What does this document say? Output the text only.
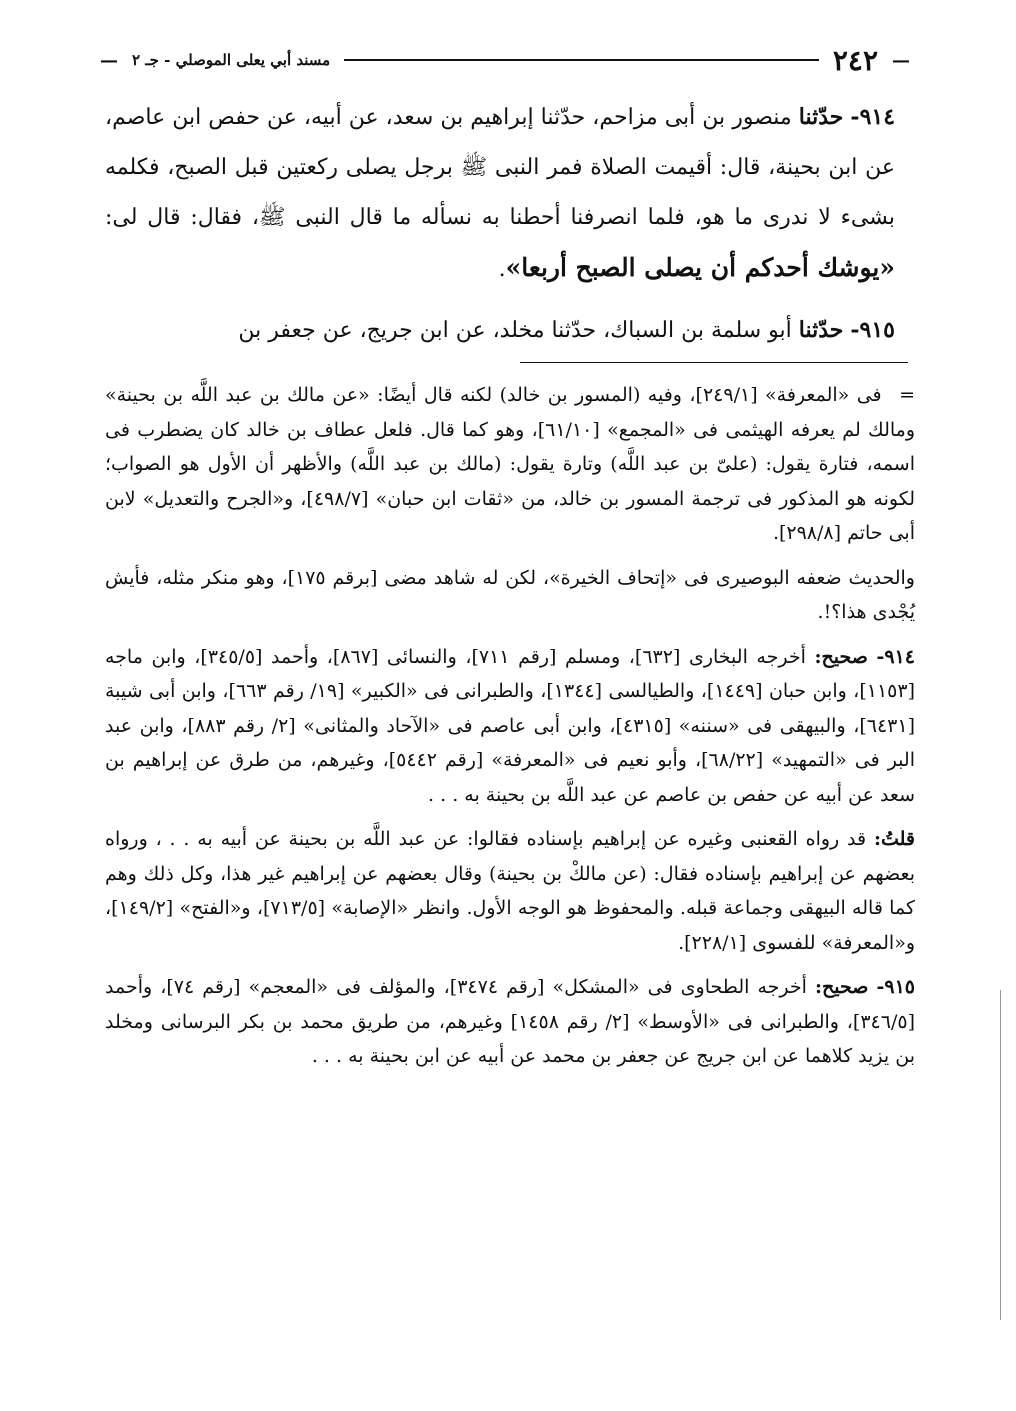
—
٢٤٢
مسند أبي يعلى الموصلي - جـ ٢
—

٩١٤- حدّثنا منصور بن أبى مزاحم، حدّثنا إبراهيم بن سعد، عن أبيه، عن حفص ابن عاصم، عن ابن بحينة، قال: أقيمت الصلاة فمر النبى ﷺ برجل يصلى ركعتين قبل الصبح، فكلمه بشىء لا ندرى ما هو، فلما انصرفنا أحطنا به نسأله ما قال النبى ﷺ، فقال: قال لى: «يوشك أحدكم أن يصلى الصبح أربعا».

٩١٥- حدّثنا أبو سلمة بن السباك، حدّثنا مخلد، عن ابن جريج، عن جعفر بن

= فى «المعرفة» [٢٤٩/١]، وفيه (المسور بن خالد) لكنه قال أيضًا: «عن مالك بن عبد اللَّه بن بحينة» ومالك لم يعرفه الهيثمى فى «المجمع» [٦١/١٠]، وهو كما قال. فلعل عطاف بن خالد كان يضطرب فى اسمه، فتارة يقول: (علىّ بن عبد اللَّه) وتارة يقول: (مالك بن عبد اللَّه) والأظهر أن الأول هو الصواب؛ لكونه هو المذكور فى ترجمة المسور بن خالد، من «ثقات ابن حبان» [٤٩٨/٧]، و«الجرح والتعديل» لابن أبى حاتم [٢٩٨/٨].

والحديث ضعفه البوصيرى فى «إتحاف الخيرة»، لكن له شاهد مضى [برقم ١٧٥]، وهو منكر مثله، فأيش يُجْدى هذا؟!.

٩١٤- صحيح: أخرجه البخارى [٦٣٢]، ومسلم [رقم ٧١١]، والنسائى [٨٦٧]، وأحمد [٣٤٥/٥]، وابن ماجه [١١٥٣]، وابن حبان [١٤٤٩]، والطيالسى [١٣٤٤]، والطبرانى فى «الكبير» [١٩/ رقم ٦٦٣]، وابن أبى شيبة [٦٤٣١]، والبيهقى فى «سننه» [٤٣١٥]، وابن أبى عاصم فى «الآحاد والمثانى» [٢/ رقم ٨٨٣]، وابن عبد البر فى «التمهيد» [٦٨/٢٢]، وأبو نعيم فى «المعرفة» [رقم ٥٤٤٢]، وغيرهم، من طرق عن إبراهيم بن سعد عن أبيه عن حفص بن عاصم عن عبد اللَّه بن بحينة به . . .

قلتُ: قد رواه القعنبى وغيره عن إبراهيم بإسناده فقالوا: عن عبد اللَّه بن بحينة عن أبيه به . . ، ورواه بعضهم عن إبراهيم بإسناده فقال: (عن مالكْ بن بحينة) وقال بعضهم عن إبراهيم غير هذا، وكل ذلك وهم كما قاله البيهقى وجماعة قبله. والمحفوظ هو الوجه الأول. وانظر «الإصابة» [٧١٣/٥]، و«الفتح» [١٤٩/٢]، و«المعرفة» للفسوى [٢٢٨/١].

٩١٥- صحيح: أخرجه الطحاوى فى «المشكل» [رقم ٣٤٧٤]، والمؤلف فى «المعجم» [رقم ٧٤]، وأحمد [٣٤٦/٥]، والطبرانى فى «الأوسط» [٢/ رقم ١٤٥٨] وغيرهم، من طريق محمد بن بكر البرسانى ومخلد بن يزيد كلاهما عن ابن جريج عن جعفر بن محمد عن أبيه عن ابن بحينة به . . .
